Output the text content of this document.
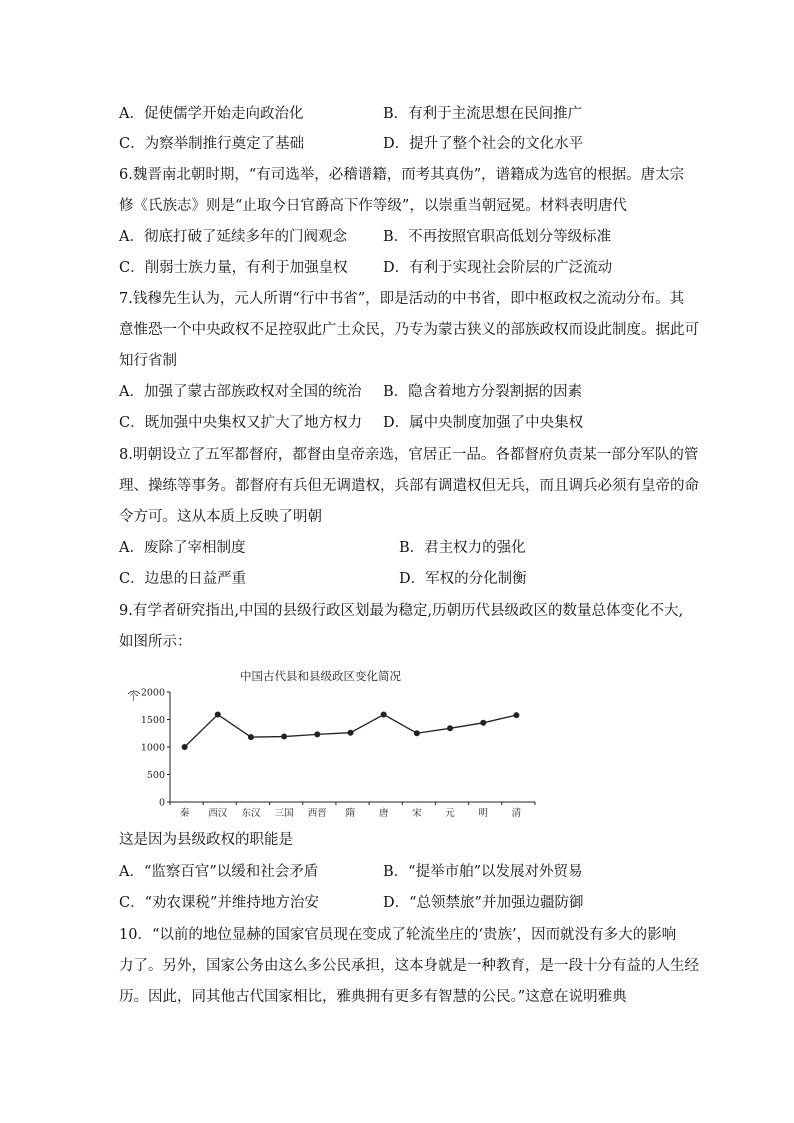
A．促使儒学开始走向政治化	B．有利于主流思想在民间推广
C．为察举制推行奠定了基础	D．提升了整个社会的文化水平
6.魏晋南北朝时期，“有司选举，必稽谱籍，而考其真伪”，谱籍成为选官的根据。唐太宗
修《氏族志》则是“止取今日官爵高下作等级”，以崇重当朝冠冕。材料表明唐代
A．彻底打破了延续多年的门阀观念 B．不再按照官职高低划分等级标准
C．削弱士族力量，有利于加强皇权 D．有利于实现社会阶层的广泛流动
7.钱穆先生认为，元人所谓“行中书省”，即是活动的中书省，即中枢政权之流动分布。其
意惟恐一个中央政权不足控驭此广土众民，乃专为蒙古狭义的部族政权而设此制度。据此可
知行省制
A．加强了蒙古部族政权对全国的统治 B．隐含着地方分裂割据的因素
C．既加强中央集权又扩大了地方权力 D．属中央制度加强了中央集权
8.明朝设立了五军都督府，都督由皇帝亲选，官居正一品。各都督府负责某一部分军队的管
理、操练等事务。都督府有兵但无调遣权，兵部有调遣权但无兵，而且调兵必须有皇帝的命
令方可。这从本质上反映了明朝
A．废除了宰相制度	B．君主权力的强化
C．边患的日益严重	D．军权的分化制衡
9.有学者研究指出,中国的县级行政区划最为稳定,历朝历代县级政区的数量总体变化不大,
如图所示：
中国古代县和县级政区变化简况
个
0
500
1000
1500
2000
秦 西汉 东汉 三国 西晋 隋 唐 宋 元 明 清
这是因为县级政权的职能是
A．“监察百官”以缓和社会矛盾	B．“提举市舶”以发展对外贸易
C．“劝农课税”并维持地方治安	D．“总领禁旅”并加强边疆防御
10．“以前的地位显赫的国家官员现在变成了轮流坐庄的‘贵族’，因而就没有多大的影响
力了。另外，国家公务由这么多公民承担，这本身就是一种教育，是一段十分有益的人生经
历。因此，同其他古代国家相比，雅典拥有更多有智慧的公民。”这意在说明雅典
